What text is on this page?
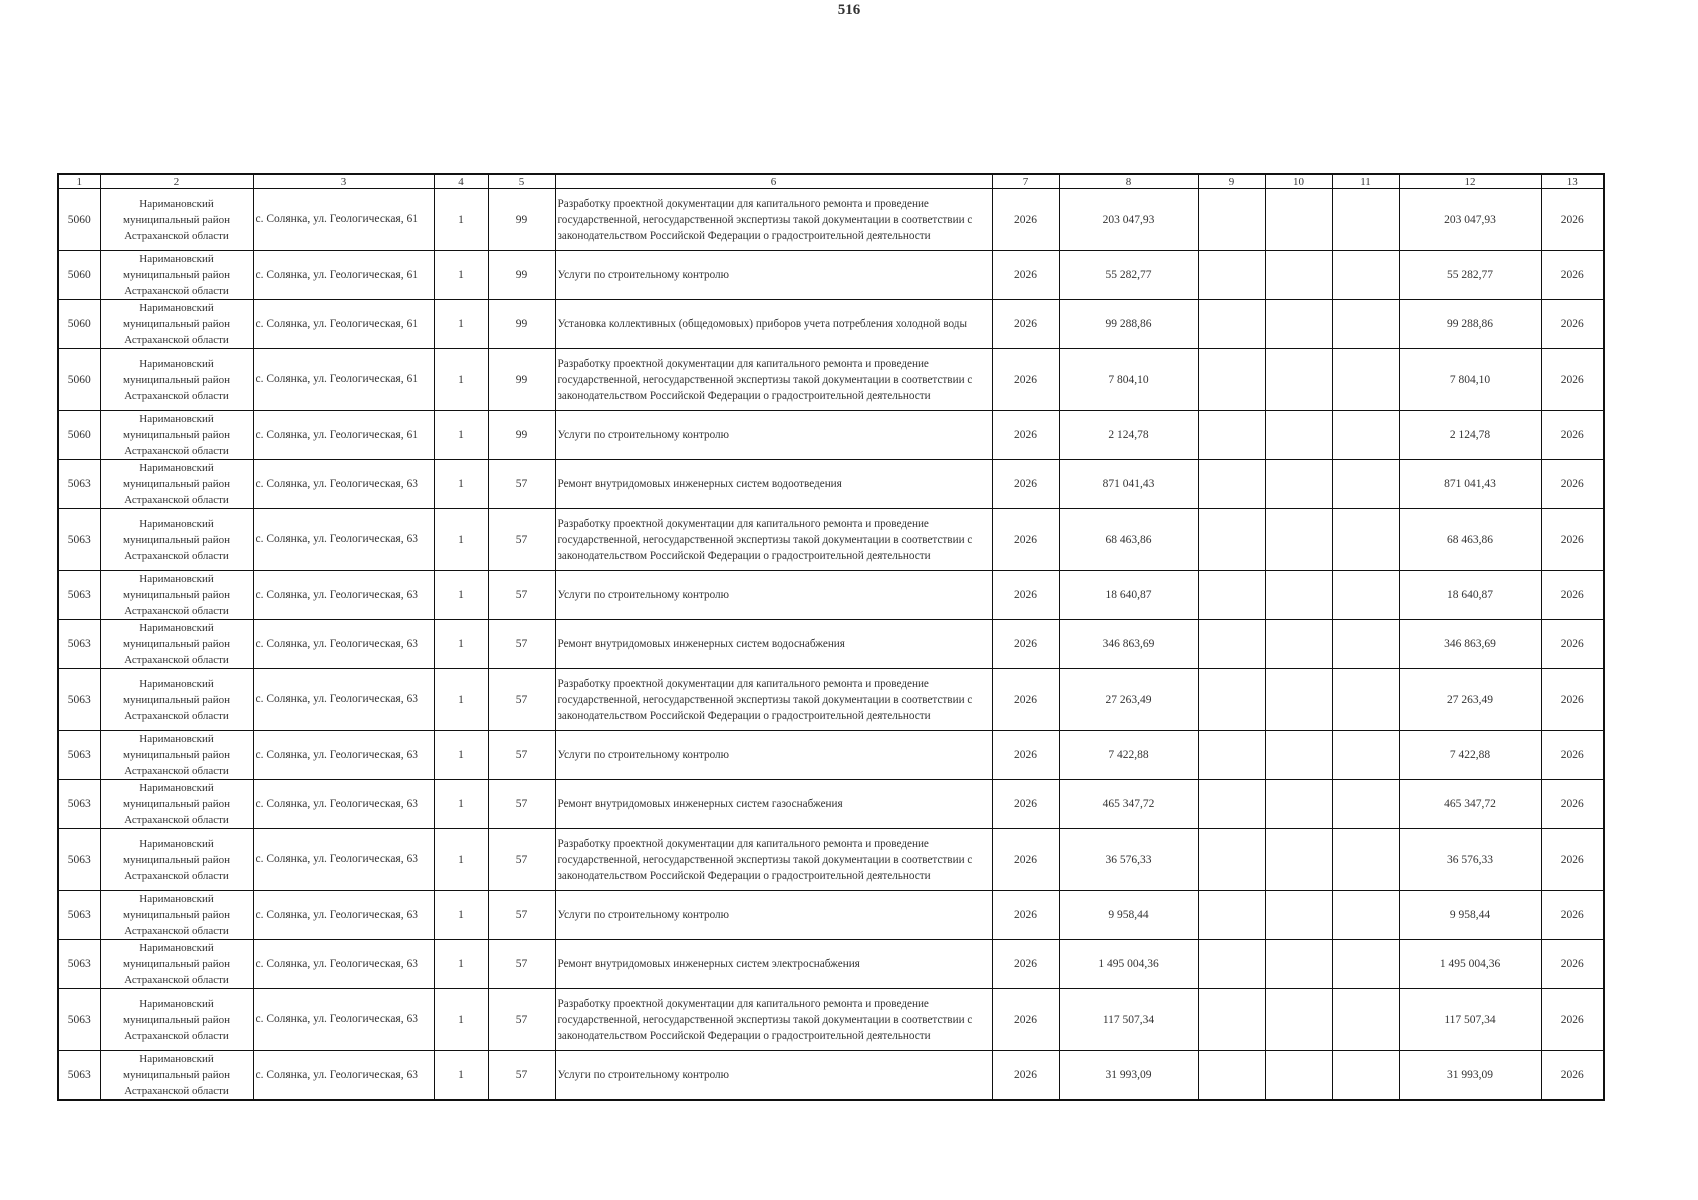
516
1	2	3	4	5	6	7	8	9	10	11	12	13
5060	Наримановский муниципальный район Астраханской области	с. Солянка, ул. Геологическая, 61	1	99	Разработку проектной документации для капитального ремонта и проведение государственной, негосударственной экспертизы такой документации в соответствии с законодательством Российской Федерации о градостроительной деятельности	2026	203 047,93				203 047,93	2026
5060	Наримановский муниципальный район Астраханской области	с. Солянка, ул. Геологическая, 61	1	99	Услуги по строительному контролю	2026	55 282,77				55 282,77	2026
5060	Наримановский муниципальный район Астраханской области	с. Солянка, ул. Геологическая, 61	1	99	Установка коллективных (общедомовых) приборов учета потребления холодной воды	2026	99 288,86				99 288,86	2026
5060	Наримановский муниципальный район Астраханской области	с. Солянка, ул. Геологическая, 61	1	99	Разработку проектной документации для капитального ремонта и проведение государственной, негосударственной экспертизы такой документации в соответствии с законодательством Российской Федерации о градостроительной деятельности	2026	7 804,10				7 804,10	2026
5060	Наримановский муниципальный район Астраханской области	с. Солянка, ул. Геологическая, 61	1	99	Услуги по строительному контролю	2026	2 124,78				2 124,78	2026
5063	Наримановский муниципальный район Астраханской области	с. Солянка, ул. Геологическая, 63	1	57	Ремонт внутридомовых инженерных систем водоотведения	2026	871 041,43				871 041,43	2026
5063	Наримановский муниципальный район Астраханской области	с. Солянка, ул. Геологическая, 63	1	57	Разработку проектной документации для капитального ремонта и проведение государственной, негосударственной экспертизы такой документации в соответствии с законодательством Российской Федерации о градостроительной деятельности	2026	68 463,86				68 463,86	2026
5063	Наримановский муниципальный район Астраханской области	с. Солянка, ул. Геологическая, 63	1	57	Услуги по строительному контролю	2026	18 640,87				18 640,87	2026
5063	Наримановский муниципальный район Астраханской области	с. Солянка, ул. Геологическая, 63	1	57	Ремонт внутридомовых инженерных систем водоснабжения	2026	346 863,69				346 863,69	2026
5063	Наримановский муниципальный район Астраханской области	с. Солянка, ул. Геологическая, 63	1	57	Разработку проектной документации для капитального ремонта и проведение государственной, негосударственной экспертизы такой документации в соответствии с законодательством Российской Федерации о градостроительной деятельности	2026	27 263,49				27 263,49	2026
5063	Наримановский муниципальный район Астраханской области	с. Солянка, ул. Геологическая, 63	1	57	Услуги по строительному контролю	2026	7 422,88				7 422,88	2026
5063	Наримановский муниципальный район Астраханской области	с. Солянка, ул. Геологическая, 63	1	57	Ремонт внутридомовых инженерных систем газоснабжения	2026	465 347,72				465 347,72	2026
5063	Наримановский муниципальный район Астраханской области	с. Солянка, ул. Геологическая, 63	1	57	Разработку проектной документации для капитального ремонта и проведение государственной, негосударственной экспертизы такой документации в соответствии с законодательством Российской Федерации о градостроительной деятельности	2026	36 576,33				36 576,33	2026
5063	Наримановский муниципальный район Астраханской области	с. Солянка, ул. Геологическая, 63	1	57	Услуги по строительному контролю	2026	9 958,44				9 958,44	2026
5063	Наримановский муниципальный район Астраханской области	с. Солянка, ул. Геологическая, 63	1	57	Ремонт внутридомовых инженерных систем электроснабжения	2026	1 495 004,36				1 495 004,36	2026
5063	Наримановский муниципальный район Астраханской области	с. Солянка, ул. Геологическая, 63	1	57	Разработку проектной документации для капитального ремонта и проведение государственной, негосударственной экспертизы такой документации в соответствии с законодательством Российской Федерации о градостроительной деятельности	2026	117 507,34				117 507,34	2026
5063	Наримановский муниципальный район Астраханской области	с. Солянка, ул. Геологическая, 63	1	57	Услуги по строительному контролю	2026	31 993,09				31 993,09	2026
